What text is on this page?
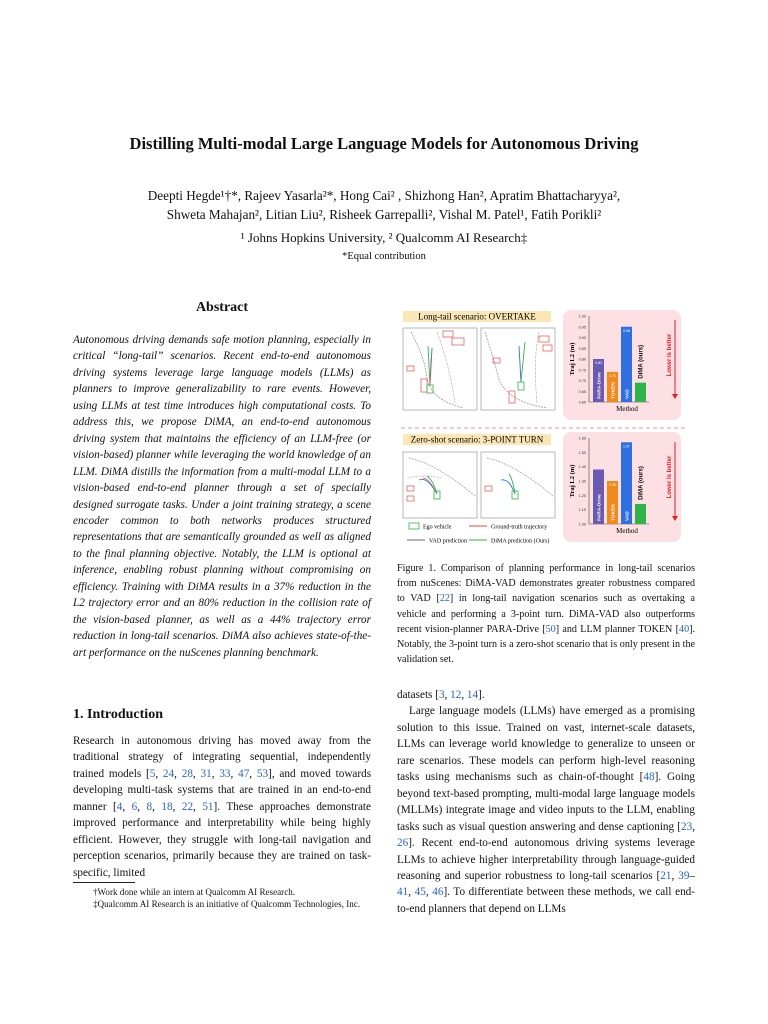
Distilling Multi-modal Large Language Models for Autonomous Driving
Deepti Hegde¹†*, Rajeev Yasarla²*, Hong Cai² , Shizhong Han², Apratim Bhattacharyya²,
Shweta Mahajan², Litian Liu², Risheek Garrepalli², Vishal M. Patel¹, Fatih Porikli²
¹ Johns Hopkins University, ² Qualcomm AI Research‡
*Equal contribution
Abstract
Autonomous driving demands safe motion planning, especially in critical “long-tail” scenarios. Recent end-to-end autonomous driving systems leverage large language models (LLMs) as planners to improve generalizability to rare events. However, using LLMs at test time introduces high computational costs. To address this, we propose DiMA, an end-to-end autonomous driving system that maintains the efficiency of an LLM-free (or vision-based) planner while leveraging the world knowledge of an LLM. DiMA distills the information from a multi-modal LLM to a vision-based end-to-end planner through a set of specially designed surrogate tasks. Under a joint training strategy, a scene encoder common to both networks produces structured representations that are semantically grounded as well as aligned to the final planning objective. Notably, the LLM is optional at inference, enabling robust planning without compromising on efficiency. Training with DiMA results in a 37% reduction in the L2 trajectory error and an 80% reduction in the collision rate of the vision-based planner, as well as a 44% trajectory error reduction in long-tail scenarios. DiMA also achieves state-of-the-art performance on the nuScenes planning benchmark.
1. Introduction
Research in autonomous driving has moved away from the traditional strategy of integrating sequential, independently trained models [5, 24, 28, 31, 33, 47, 53], and moved towards developing multi-task systems that are trained in an end-to-end manner [4, 6, 8, 18, 22, 51]. These approaches demonstrate improved performance and interpretability while being highly efficient. However, they struggle with long-tail navigation and perception scenarios, primarily because they are trained on task-specific, limited
†Work done while an intern at Qualcomm AI Research.
‡Qualcomm AI Research is an initiative of Qualcomm Technologies, Inc.
Long-tail scenario: OVERTAKE
0.60
0.65
0.70
0.75
0.80
0.85
0.90
0.95
1.00
Traj L2 (m)
Method
PARA-Drive
0.82
TOKEN
0.74
VAD
0.96
DiMA (ours)	Lower is better
Zero-shot scenario: 3-POINT TURN
1.00
1.10
1.20
1.30
1.40
1.50
1.60
Traj L2 (m)
Method
PARA-Drive TOKEN
1.30
VAD
1.57
DiMA (ours)	Lower is better
Ego vehicle	Ground-truth trajectory
VAD prediction	DiMA prediction (Ours)
Figure 1. Comparison of planning performance in long-tail scenarios from nuScenes: DiMA-VAD demonstrates greater robustness compared to VAD [22] in long-tail navigation scenarios such as overtaking a vehicle and performing a 3-point turn. DiMA-VAD also outperforms recent vision-planner PARA-Drive [50] and LLM planner TOKEN [40]. Notably, the 3-point turn is a zero-shot scenario that is only present in the validation set.
datasets [3, 12, 14].
Large language models (LLMs) have emerged as a promising solution to this issue. Trained on vast, internet-scale datasets, LLMs can leverage world knowledge to generalize to unseen or rare scenarios. These models can perform high-level reasoning tasks using mechanisms such as chain-of-thought [48]. Going beyond text-based prompting, multi-modal large language models (MLLMs) integrate image and video inputs to the LLM, enabling tasks such as visual question answering and dense captioning [23, 26]. Recent end-to-end autonomous driving systems leverage LLMs to achieve higher interpretability through language-guided reasoning and superior robustness to long-tail scenarios [21, 39–41, 45, 46]. To differentiate between these methods, we call end-to-end planners that depend on LLMs
